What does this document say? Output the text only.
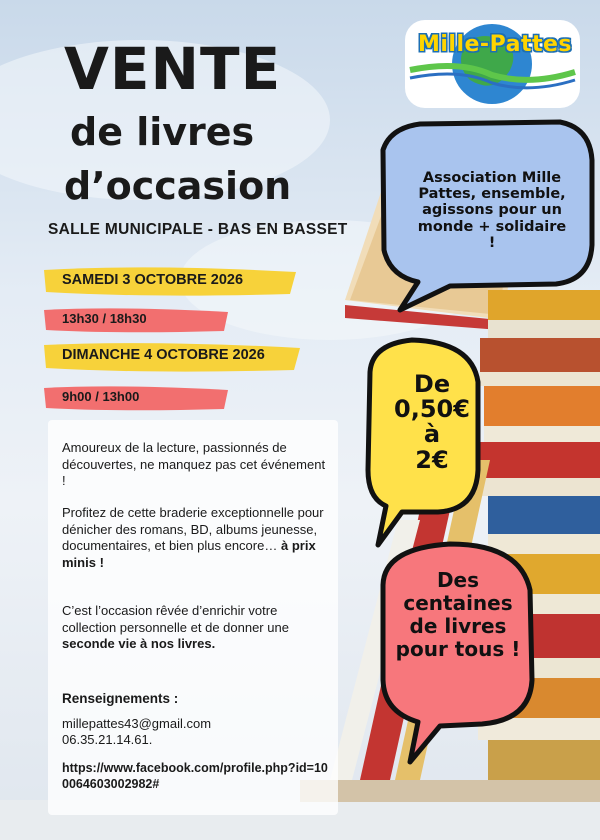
VENTE
de livres
d’occasion
SALLE MUNICIPALE - BAS EN BASSET
SAMEDI 3 OCTOBRE 2026
13h30 / 18h30
DIMANCHE 4 OCTOBRE 2026
9h00 / 13h00

Amoureux de la lecture, passionnés de découvertes, ne manquez pas cet événement !

Profitez de cette braderie exceptionnelle pour dénicher des romans, BD, albums jeunesse, documentaires, et bien plus encore… à prix minis !

C’est l’occasion rêvée d’enrichir votre collection personnelle et de donner une seconde vie à nos livres.

Renseignements :
millepattes43@gmail.com
06.35.21.14.61.
https://www.facebook.com/profile.php?id=100064603002982#
Association Mille Pattes, ensemble, agissons pour un monde + solidaire !
De
0,50€
à
2€
Des centaines de livres pour tous !
Mille-Pattes
